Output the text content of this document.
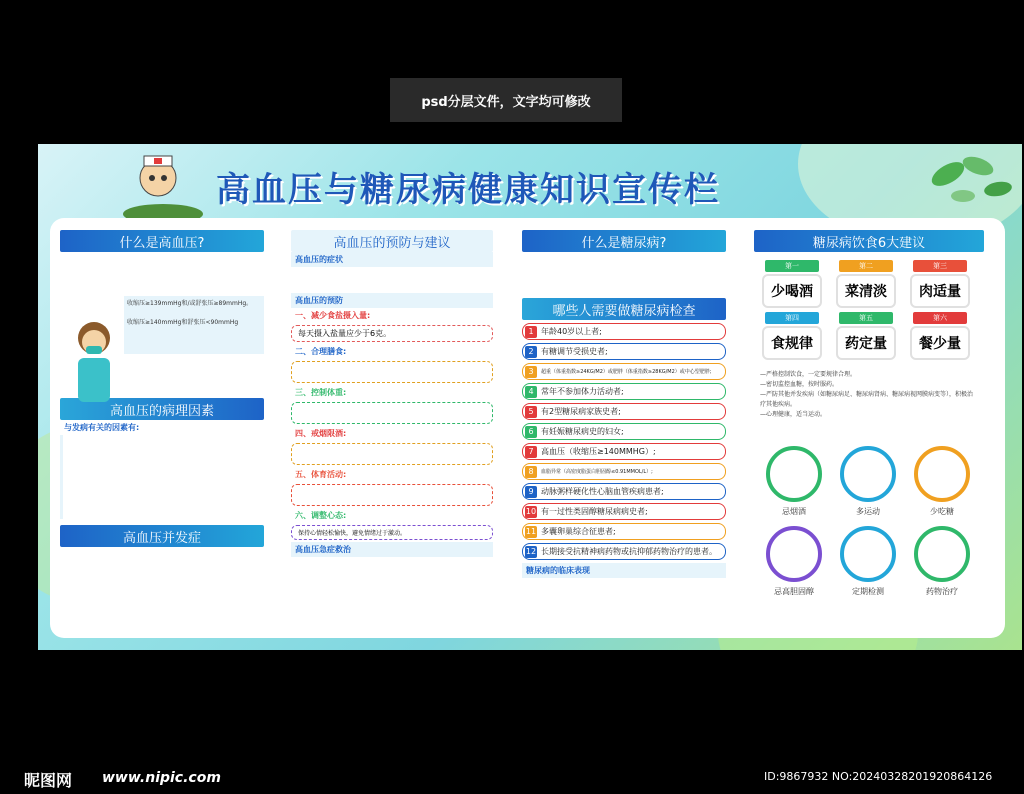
psd分层文件，文字均可修改
高血压与糖尿病健康知识宣传栏
什么是高血压?
收缩压≥139mmHg和/或舒张压≥89mmHg。
收缩压≥140mmHg和舒张压<90mmHg
高血压的病理因素
与发病有关的因素有:
高血压并发症
高血压的预防与建议
高血压的症状
高血压的预防
一、减少食盐摄入量:
每天摄入盐量应少于6克。
二、合理膳食:
三、控制体重:
四、戒烟限酒:
五、体育活动:
六、调整心态:
保持心情轻松愉快，避免情绪过于激动。
高血压急症救治
什么是糖尿病?
哪些人需要做糖尿病检查
1 年龄40岁以上者;
2 有糖调节受损史者;
3	超重（体重指数≥24KG/M2）或肥胖（体重指数≥28KG/M2）或中心型肥胖;
4 常年不参加体力活动者;
5 有2型糖尿病家族史者;
6 有妊娠糖尿病史的妇女;
7 高血压（收缩压≥140MMHG）;
8	血脂异常（高密度脂蛋白胆固醇≤0.91MMOL/L）;
9 动脉粥样硬化性心脑血管疾病患者;
10 有一过性类固醇糖尿病病史者;
11 多囊卵巢综合征患者;
12 长期接受抗精神病药物或抗抑郁药物治疗的患者。
糖尿病的临床表现
糖尿病饮食6大建议
第一
少喝酒
第二
菜清淡
第三
肉适量
第四
食规律
第五
药定量
第六
餐少量
—严格控制饮食，一定要规律合理。
—密切监控血糖，按时服药。
—严防其他并发疾病（如糖尿病足、糖尿病肾病、糖尿病视网膜病变等），积极治疗其他疾病。
—心理健康，适当运动。
忌烟酒	多运动	少吃糖
忌高胆固醇	定期检测	药物治疗
昵图网 www.nipic.com	ID:9867932 NO:20240328201920864126
